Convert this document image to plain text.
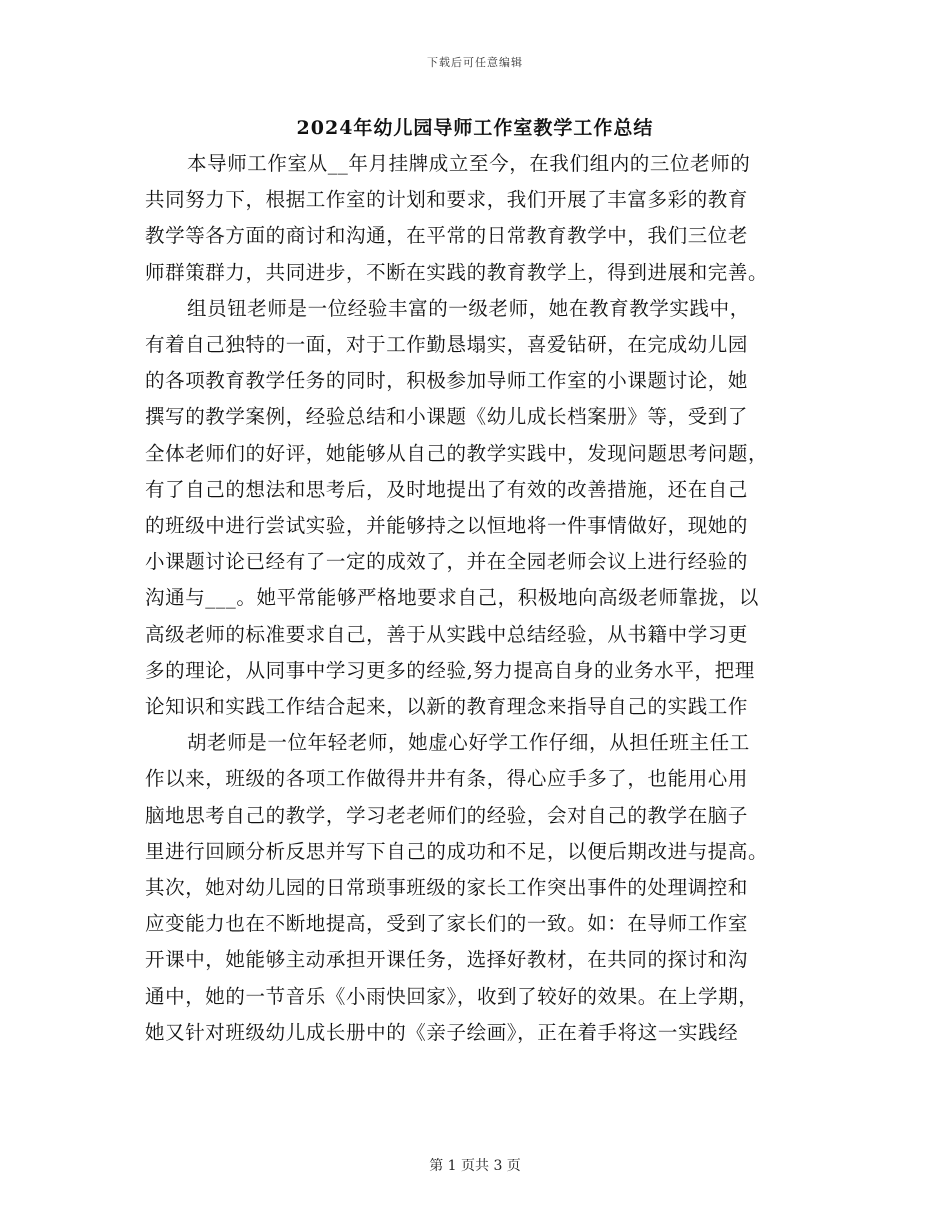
下载后可任意编辑
2024年幼儿园导师工作室教学工作总结
本导师工作室从__年月挂牌成立至今，在我们组内的三位老师的
共同努力下，根据工作室的计划和要求，我们开展了丰富多彩的教育
教学等各方面的商讨和沟通，在平常的日常教育教学中，我们三位老
师群策群力，共同进步，不断在实践的教育教学上，得到进展和完善。
组员钮老师是一位经验丰富的一级老师，她在教育教学实践中，
有着自己独特的一面，对于工作勤恳塌实，喜爱钻研，在完成幼儿园
的各项教育教学任务的同时，积极参加导师工作室的小课题讨论，她
撰写的教学案例，经验总结和小课题《幼儿成长档案册》等，受到了
全体老师们的好评，她能够从自己的教学实践中，发现问题思考问题，
有了自己的想法和思考后，及时地提出了有效的改善措施，还在自己
的班级中进行尝试实验，并能够持之以恒地将一件事情做好，现她的
小课题讨论已经有了一定的成效了，并在全园老师会议上进行经验的
沟通与___。她平常能够严格地要求自己，积极地向高级老师靠拢，以
高级老师的标准要求自己，善于从实践中总结经验，从书籍中学习更
多的理论，从同事中学习更多的经验,努力提高自身的业务水平，把理
论知识和实践工作结合起来，以新的教育理念来指导自己的实践工作
胡老师是一位年轻老师，她虚心好学工作仔细，从担任班主任工
作以来，班级的各项工作做得井井有条，得心应手多了，也能用心用
脑地思考自己的教学，学习老老师们的经验，会对自己的教学在脑子
里进行回顾分析反思并写下自己的成功和不足，以便后期改进与提高。
其次，她对幼儿园的日常琐事班级的家长工作突出事件的处理调控和
应变能力也在不断地提高，受到了家长们的一致。如：在导师工作室
开课中，她能够主动承担开课任务，选择好教材，在共同的探讨和沟
通中，她的一节音乐《小雨快回家》，收到了较好的效果。在上学期，
她又针对班级幼儿成长册中的《亲子绘画》，正在着手将这一实践经
第 1 页共 3 页
